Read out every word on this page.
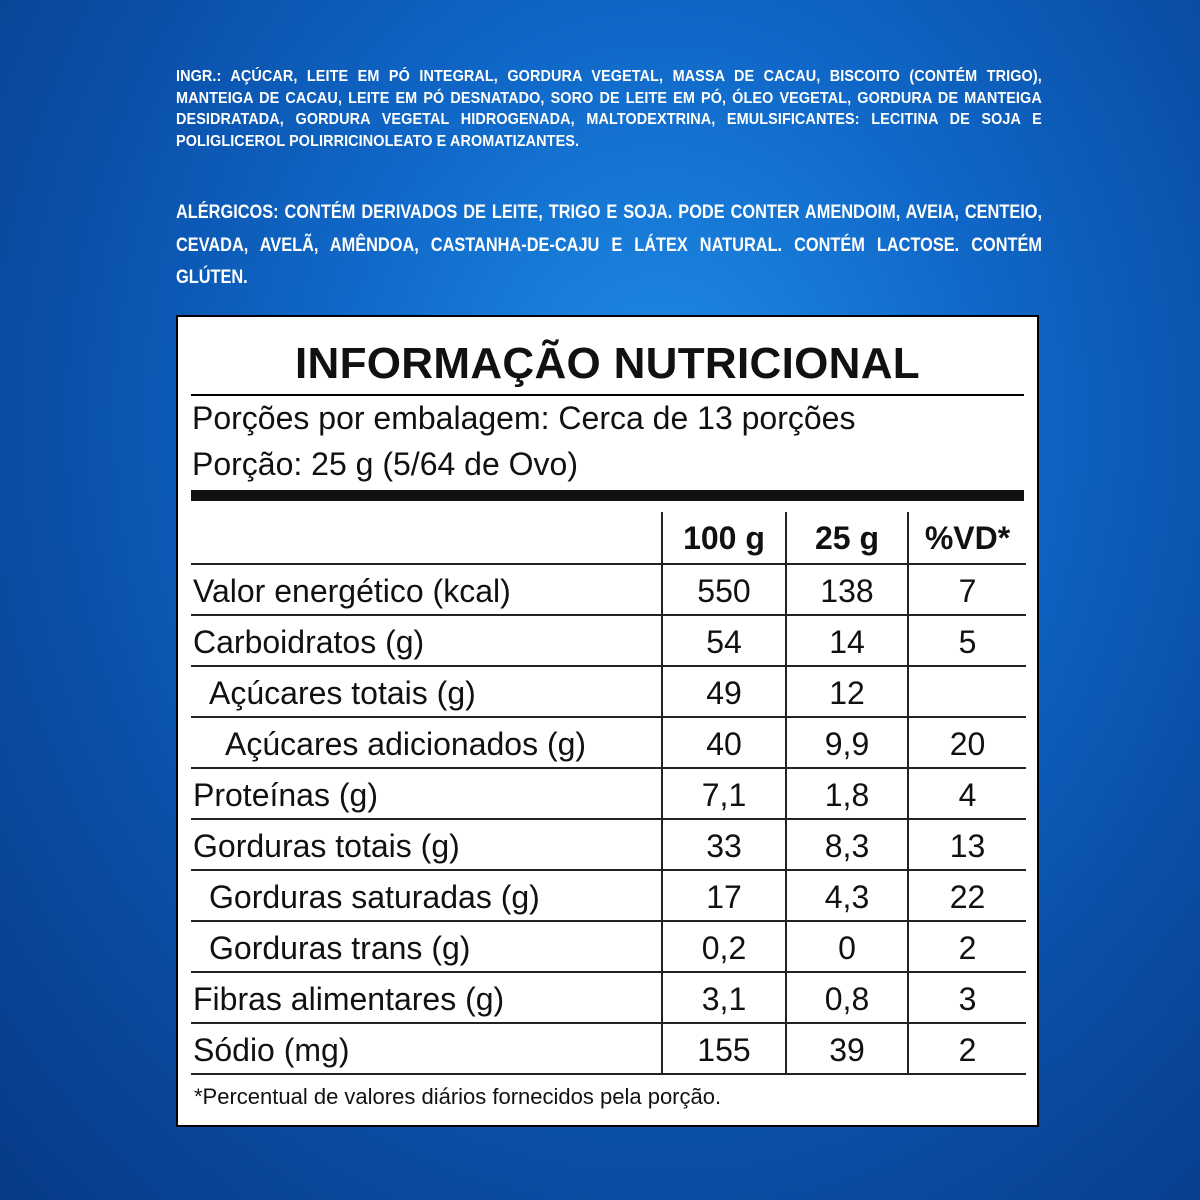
INGR.: AÇÚCAR, LEITE EM PÓ INTEGRAL, GORDURA VEGETAL, MASSA DE CACAU, BISCOITO (CONTÉM TRIGO), MANTEIGA DE CACAU, LEITE EM PÓ DESNATADO, SORO DE LEITE EM PÓ, ÓLEO VEGETAL, GORDURA DE MANTEIGA DESIDRATADA, GORDURA VEGETAL HIDROGENADA, MALTODEXTRINA, EMULSIFICANTES: LECITINA DE SOJA E POLIGLICEROL POLIRRICINOLEATO E AROMATIZANTES.
ALÉRGICOS: CONTÉM DERIVADOS DE LEITE, TRIGO E SOJA. PODE CONTER AMENDOIM, AVEIA, CENTEIO, CEVADA, AVELÃ, AMÊNDOA, CASTANHA-DE-CAJU E LÁTEX NATURAL. CONTÉM LACTOSE. CONTÉM GLÚTEN.
INFORMAÇÃO NUTRICIONAL
Porções por embalagem: Cerca de 13 porções
Porção: 25 g (5/64 de Ovo)
100 g	25 g	%VD*
Valor energético (kcal)	550	138	7
Carboidratos (g)	54	14	5
Açúcares totais (g)	49	12
Açúcares adicionados (g)	40	9,9	20
Proteínas (g)	7,1	1,8	4
Gorduras totais (g)	33	8,3	13
Gorduras saturadas (g)	17	4,3	22
Gorduras trans (g)	0,2	0	2
Fibras alimentares (g)	3,1	0,8	3
Sódio (mg)	155	39	2
*Percentual de valores diários fornecidos pela porção.
